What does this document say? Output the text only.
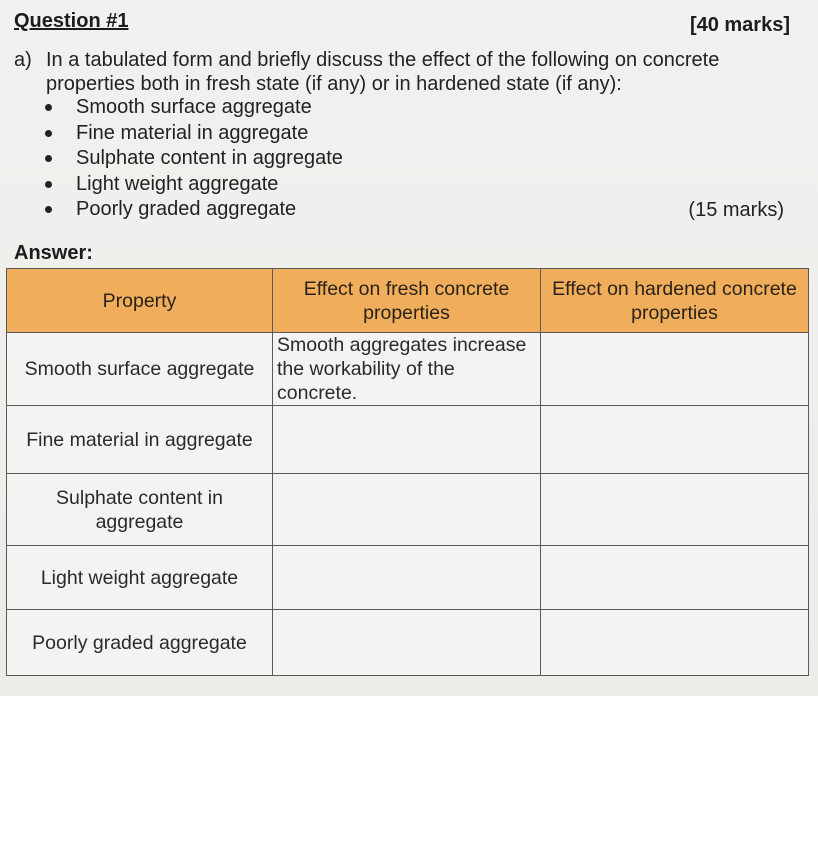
Question #1	[40 marks]
a) In a tabulated form and briefly discuss the effect of the following on concrete properties both in fresh state (if any) or in hardened state (if any):
Smooth surface aggregate
Fine material in aggregate
Sulphate content in aggregate
Light weight aggregate
Poorly graded aggregate	(15 marks)
Answer:
Property	Effect on fresh concrete properties	Effect on hardened concrete properties
Smooth surface aggregate	Smooth aggregates increase the workability of the concrete.	
Fine material in aggregate		
Sulphate content in aggregate		
Light weight aggregate		
Poorly graded aggregate		
